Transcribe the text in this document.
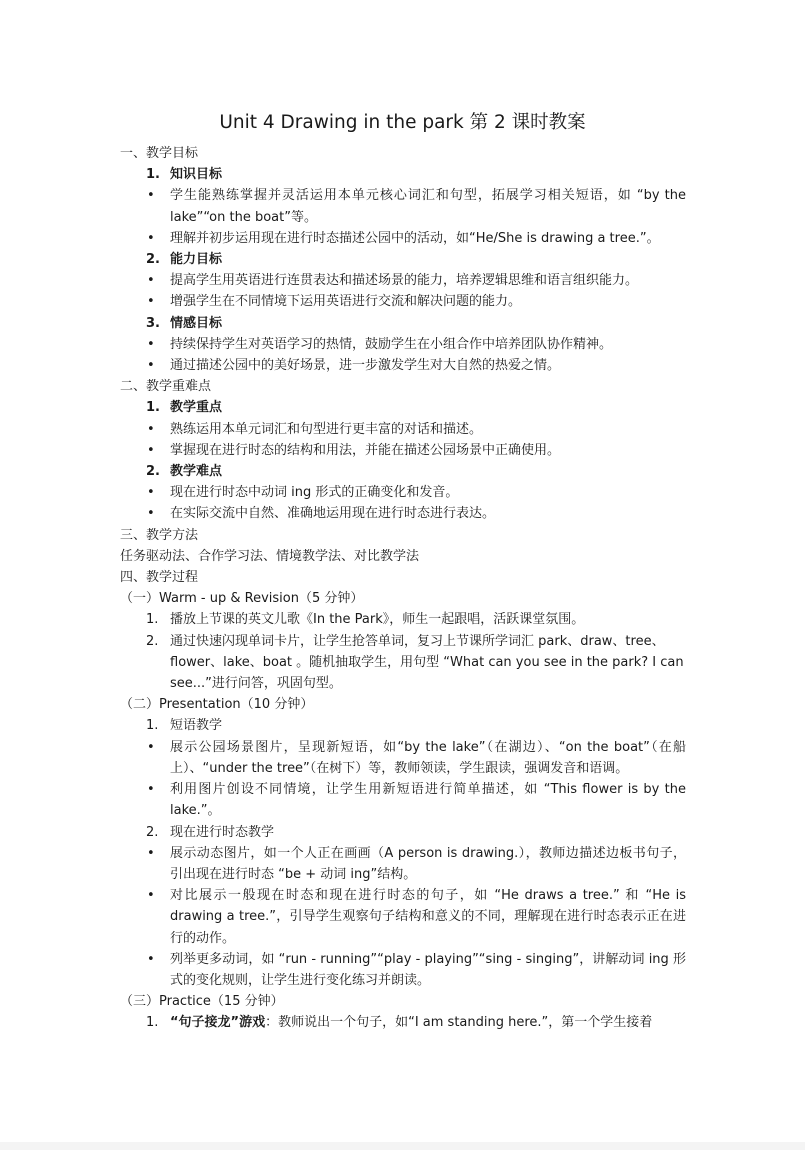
Unit 4 Drawing in the park 第 2 课时教案
一、教学目标
1. 知识目标
• 学生能熟练掌握并灵活运用本单元核心词汇和句型，拓展学习相关短语，如 “by the lake”“on the boat”等。
• 理解并初步运用现在进行时态描述公园中的活动，如“He/She is drawing a tree.”。
2. 能力目标
• 提高学生用英语进行连贯表达和描述场景的能力，培养逻辑思维和语言组织能力。
• 增强学生在不同情境下运用英语进行交流和解决问题的能力。
3. 情感目标
• 持续保持学生对英语学习的热情，鼓励学生在小组合作中培养团队协作精神。
• 通过描述公园中的美好场景，进一步激发学生对大自然的热爱之情。
二、教学重难点
1. 教学重点
• 熟练运用本单元词汇和句型进行更丰富的对话和描述。
• 掌握现在进行时态的结构和用法，并能在描述公园场景中正确使用。
2. 教学难点
• 现在进行时态中动词 ing 形式的正确变化和发音。
• 在实际交流中自然、准确地运用现在进行时态进行表达。
三、教学方法
任务驱动法、合作学习法、情境教学法、对比教学法
四、教学过程
（一）Warm - up & Revision（5 分钟）
1. 播放上节课的英文儿歌《In the Park》，师生一起跟唱，活跃课堂氛围。
2. 通过快速闪现单词卡片，让学生抢答单词，复习上节课所学词汇 park、draw、tree、flower、lake、boat 。随机抽取学生，用句型 “What can you see in the park? I can see...”进行问答，巩固句型。
（二）Presentation（10 分钟）
1. 短语教学
• 展示公园场景图片，呈现新短语，如“by the lake”（在湖边）、“on the boat”（在船上）、“under the tree”（在树下）等，教师领读，学生跟读，强调发音和语调。
• 利用图片创设不同情境，让学生用新短语进行简单描述，如 “This flower is by the lake.”。
2. 现在进行时态教学
• 展示动态图片，如一个人正在画画（A person is drawing.），教师边描述边板书句子，引出现在进行时态 “be + 动词 ing”结构。
• 对比展示一般现在时态和现在进行时态的句子，如 “He draws a tree.” 和 “He is drawing a tree.”，引导学生观察句子结构和意义的不同，理解现在进行时态表示正在进行的动作。
• 列举更多动词，如 “run - running”“play - playing”“sing - singing”，讲解动词 ing 形式的变化规则，让学生进行变化练习并朗读。
（三）Practice（15 分钟）
1. “句子接龙”游戏：教师说出一个句子，如“I am standing here.”，第一个学生接着
